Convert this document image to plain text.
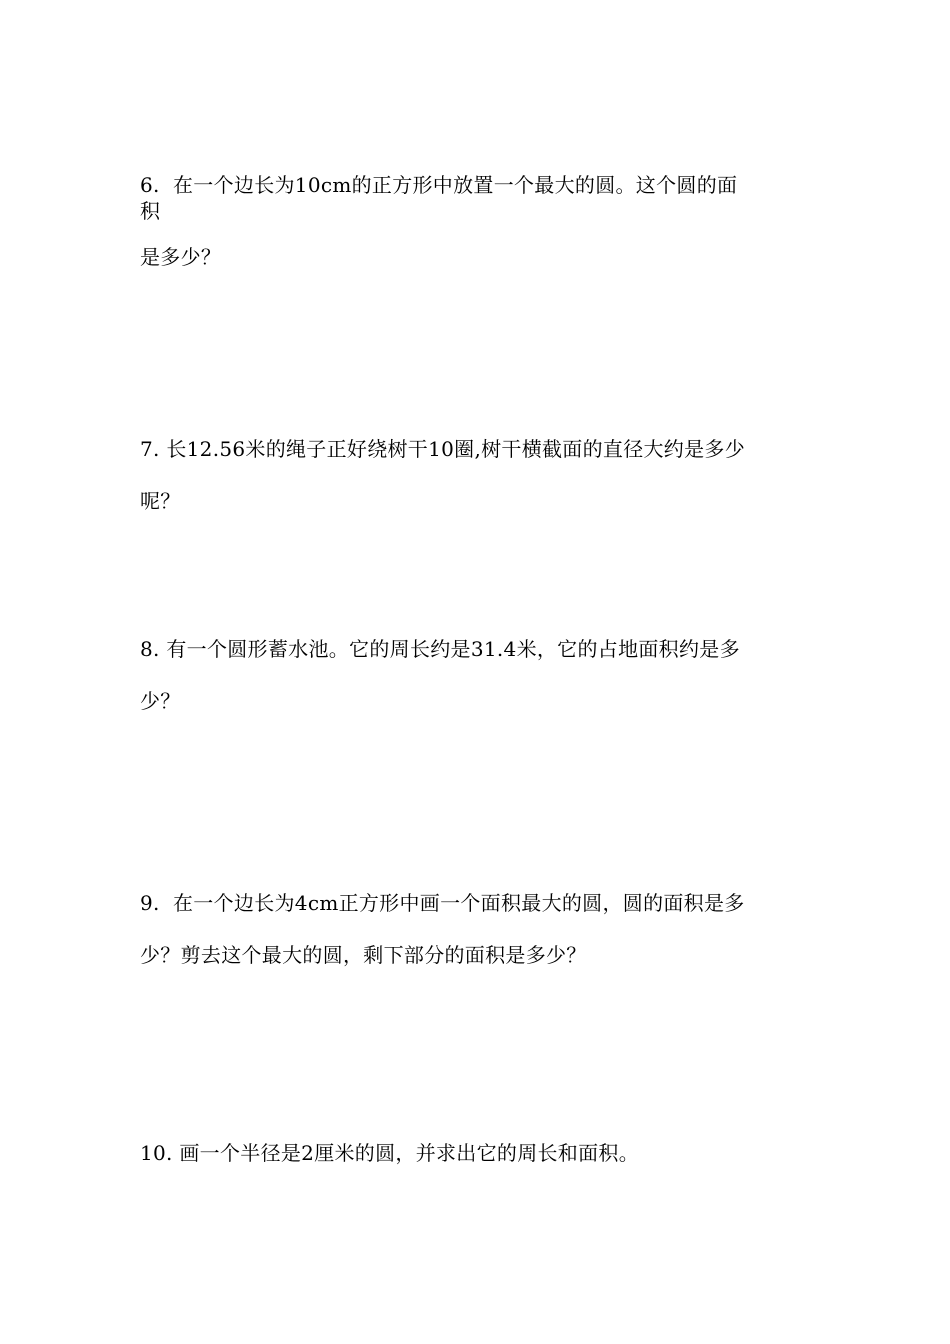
6.  在一个边长为10cm的正方形中放置一个最大的圆。这个圆的面
积
是多少？
7. 长12.56米的绳子正好绕树干10圈,树干横截面的直径大约是多少
呢？
8. 有一个圆形蓄水池。它的周长约是31.4米，它的占地面积约是多
少？
9.  在一个边长为4cm正方形中画一个面积最大的圆，圆的面积是多
少？剪去这个最大的圆，剩下部分的面积是多少？
10. 画一个半径是2厘米的圆，并求出它的周长和面积。
